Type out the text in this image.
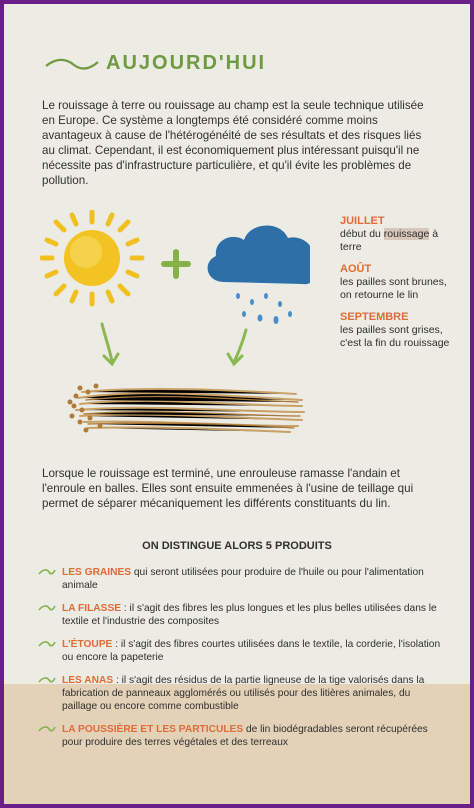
AUJOURD'HUI
Le rouissage à terre ou rouissage au champ est la seule technique utilisée en Europe. Ce système a longtemps été considéré comme moins avantageux à cause de l'hétérogénéité de ses résultats et des risques liés au climat. Cependant, il est économiquement plus intéressant puisqu'il ne nécessite pas d'infrastructure particulière, et qu'il évite les problèmes de pollution.
JUILLET
début du rouissage à terre
AOÛT
les pailles sont brunes, on retourne le lin
SEPTEMBRE
les pailles sont grises, c'est la fin du rouissage
Lorsque le rouissage est terminé, une enrouleuse ramasse l'andain et l'enroule en balles. Elles sont ensuite emmenées à l'usine de teillage qui permet de séparer mécaniquement les différents constituants du lin.
ON DISTINGUE ALORS 5 PRODUITS
LES GRAINES qui seront utilisées pour produire de l'huile ou pour l'alimentation animale
LA FILASSE : il s'agit des fibres les plus longues et les plus belles utilisées dans le textile et l'industrie des composites
L'ÉTOUPE : il s'agit des fibres courtes utilisées dans le textile, la corderie, l'isolation ou encore la papeterie
LES ANAS : il s'agit des résidus de la partie ligneuse de la tige valorisés dans la fabrication de panneaux agglomérés ou utilisés pour des litières animales, du paillage ou encore comme combustible
LA POUSSIÈRE ET LES PARTICULES de lin biodégradables seront récupérées pour produire des terres végétales et des terreaux
